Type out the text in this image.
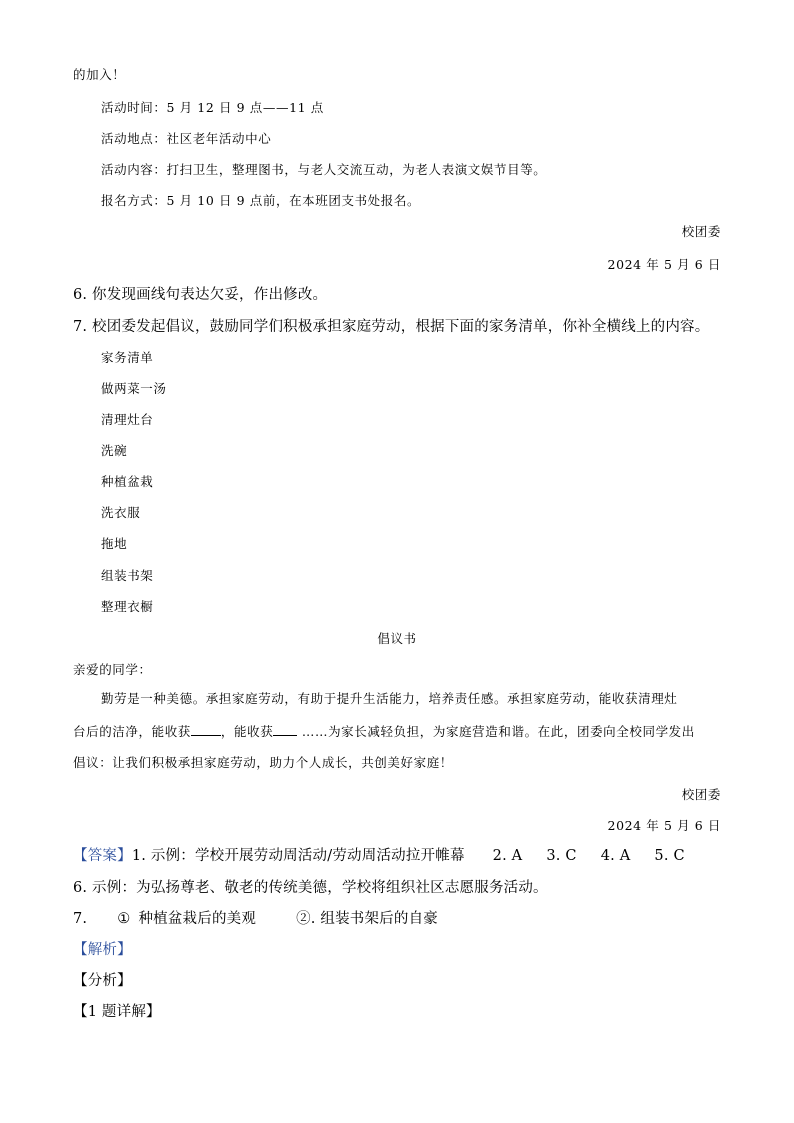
的加入！
活动时间：5 月 12 日 9 点——11 点
活动地点：社区老年活动中心
活动内容：打扫卫生，整理图书，与老人交流互动，为老人表演文娱节目等。
报名方式：5 月 10 日 9 点前，在本班团支书处报名。
校团委
2024 年 5 月 6 日
6. 你发现画线句表达欠妥，作出修改。
7. 校团委发起倡议，鼓励同学们积极承担家庭劳动，根据下面的家务清单，你补全横线上的内容。
家务清单
做两菜一汤
清理灶台
洗碗
种植盆栽
洗衣服
拖地
组装书架
整理衣橱
倡议书
亲爱的同学：
勤劳是一种美德。承担家庭劳动，有助于提升生活能力，培养责任感。承担家庭劳动，能收获清理灶
台后的洁净，能收获 ，能收获 ……为家长减轻负担，为家庭营造和谐。在此，团委向全校同学发出
倡议：让我们积极承担家庭劳动，助力个人成长，共创美好家庭！
校团委
2024 年 5 月 6 日
【答案】1. 示例：学校开展劳动周活动/劳动周活动拉开帷幕 2. A 3. C 4. A 5. C
6. 示例：为弘扬尊老、敬老的传统美德，学校将组织社区志愿服务活动。
7. ① 种植盆栽后的美观	②. 组装书架后的自豪
【解析】
【分析】
【1 题详解】
